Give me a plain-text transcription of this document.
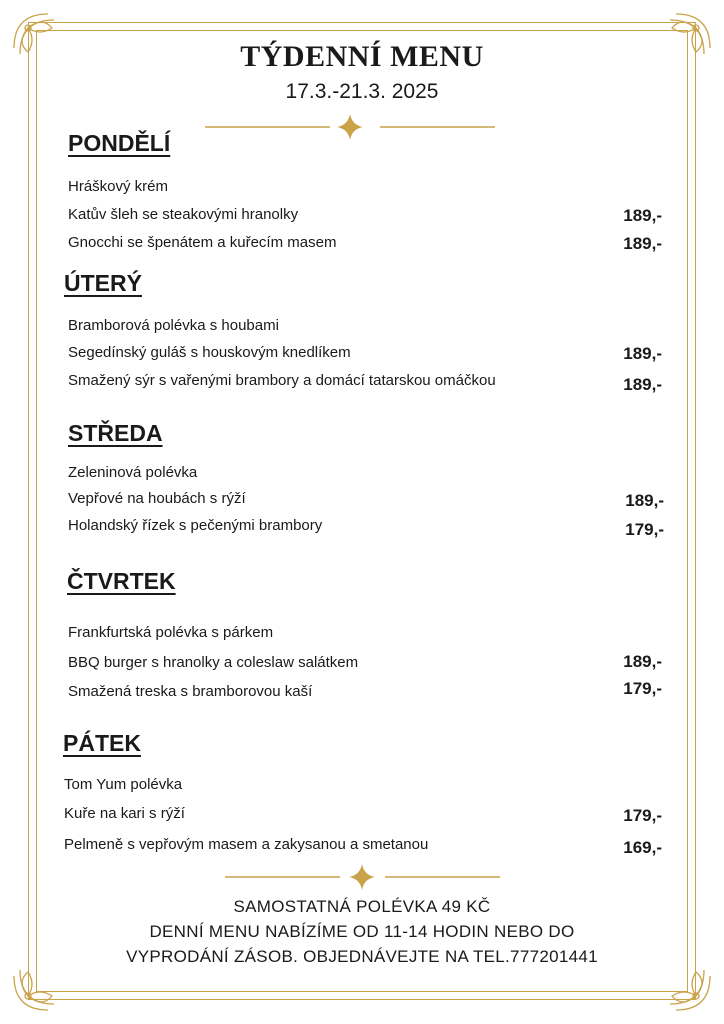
TÝDENNÍ MENU
17.3.-21.3. 2025
PONDĚLÍ
Hráškový krém
Katův šleh se steakovými hranolky	189,-
Gnocchi se špenátem a kuřecím masem	189,-
ÚTERÝ
Bramborová polévka s houbami
Segedínský guláš s houskovým knedlíkem	189,-
Smažený sýr s vařenými brambory a domácí tatarskou omáčkou	189,-
STŘEDA
Zeleninová polévka
Vepřové na houbách s rýží	189,-
Holandský řízek s pečenými brambory	179,-
ČTVRTEK
Frankfurtská polévka s párkem
BBQ burger s hranolky a coleslaw salátkem	189,-
Smažená treska s bramborovou kaší	179,-
PÁTEK
Tom Yum polévka
Kuře na kari s rýží	179,-
Pelmeně s vepřovým masem a zakysanou a smetanou	169,-
SAMOSTATNÁ POLÉVKA 49 KČ
DENNÍ MENU NABÍZÍME OD 11-14 HODIN NEBO DO
VYPRODÁNÍ ZÁSOB. OBJEDNÁVEJTE NA TEL.777201441
